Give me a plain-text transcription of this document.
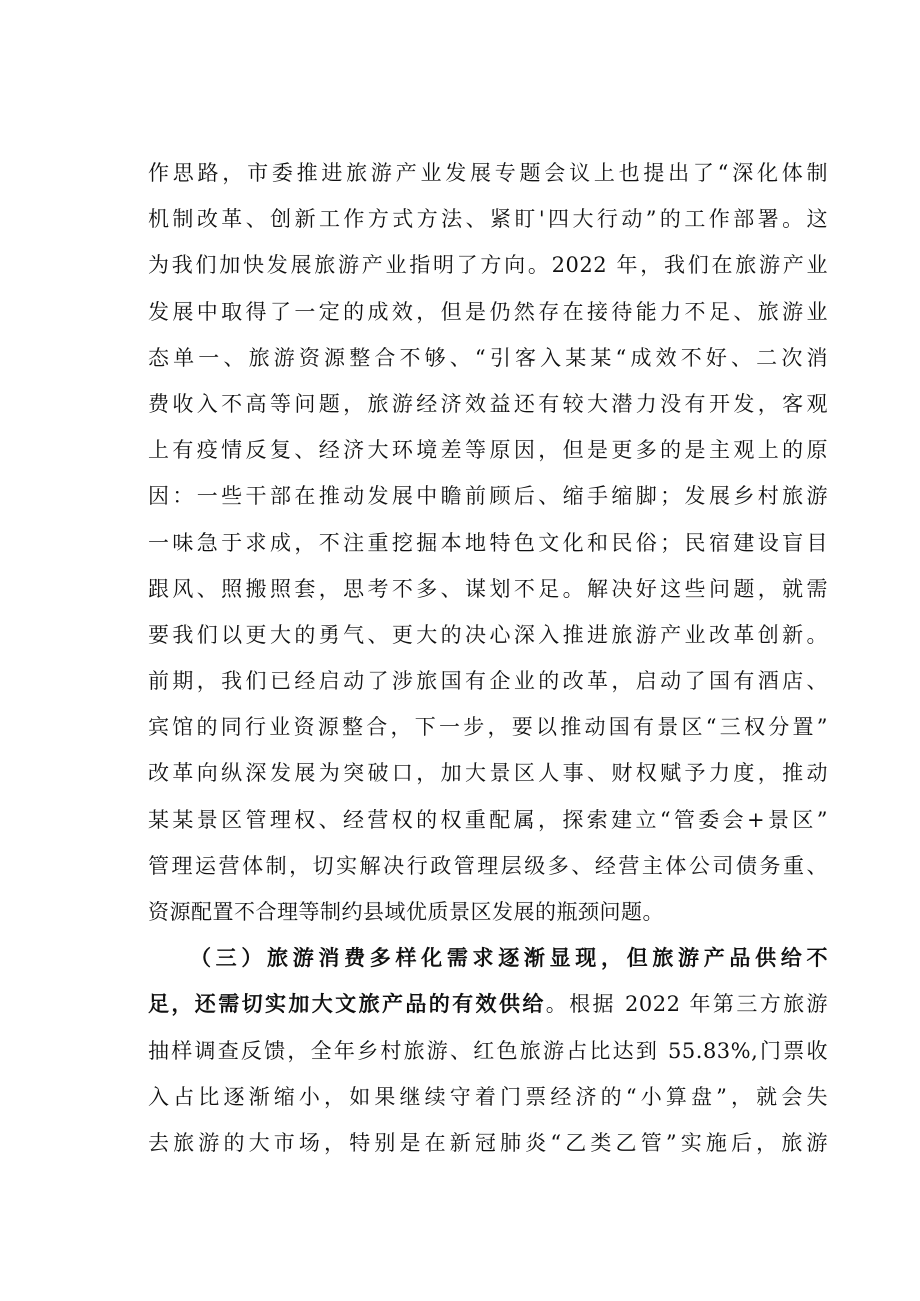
作思路，市委推进旅游产业发展专题会议上也提出了“深化体制
机制改革、创新工作方式方法、紧盯'四大行动”的工作部署。这
为我们加快发展旅游产业指明了方向。2022 年，我们在旅游产业
发展中取得了一定的成效，但是仍然存在接待能力不足、旅游业
态单一、旅游资源整合不够、“引客入某某“成效不好、二次消
费收入不高等问题，旅游经济效益还有较大潜力没有开发，客观
上有疫情反复、经济大环境差等原因，但是更多的是主观上的原
因：一些干部在推动发展中瞻前顾后、缩手缩脚；发展乡村旅游
一味急于求成，不注重挖掘本地特色文化和民俗；民宿建设盲目
跟风、照搬照套，思考不多、谋划不足。解决好这些问题，就需
要我们以更大的勇气、更大的决心深入推进旅游产业改革创新。
前期，我们已经启动了涉旅国有企业的改革，启动了国有酒店、
宾馆的同行业资源整合，下一步，要以推动国有景区“三权分置”
改革向纵深发展为突破口，加大景区人事、财权赋予力度，推动
某某景区管理权、经营权的权重配属，探索建立“管委会+景区”
管理运营体制，切实解决行政管理层级多、经营主体公司债务重、
资源配置不合理等制约县域优质景区发展的瓶颈问题。
（三）旅游消费多样化需求逐渐显现，但旅游产品供给不
足，还需切实加大文旅产品的有效供给。根据 2022 年第三方旅游
抽样调查反馈，全年乡村旅游、红色旅游占比达到 55.83%,门票收
入占比逐渐缩小，如果继续守着门票经济的“小算盘”，就会失
去旅游的大市场，特别是在新冠肺炎“乙类乙管”实施后，旅游
